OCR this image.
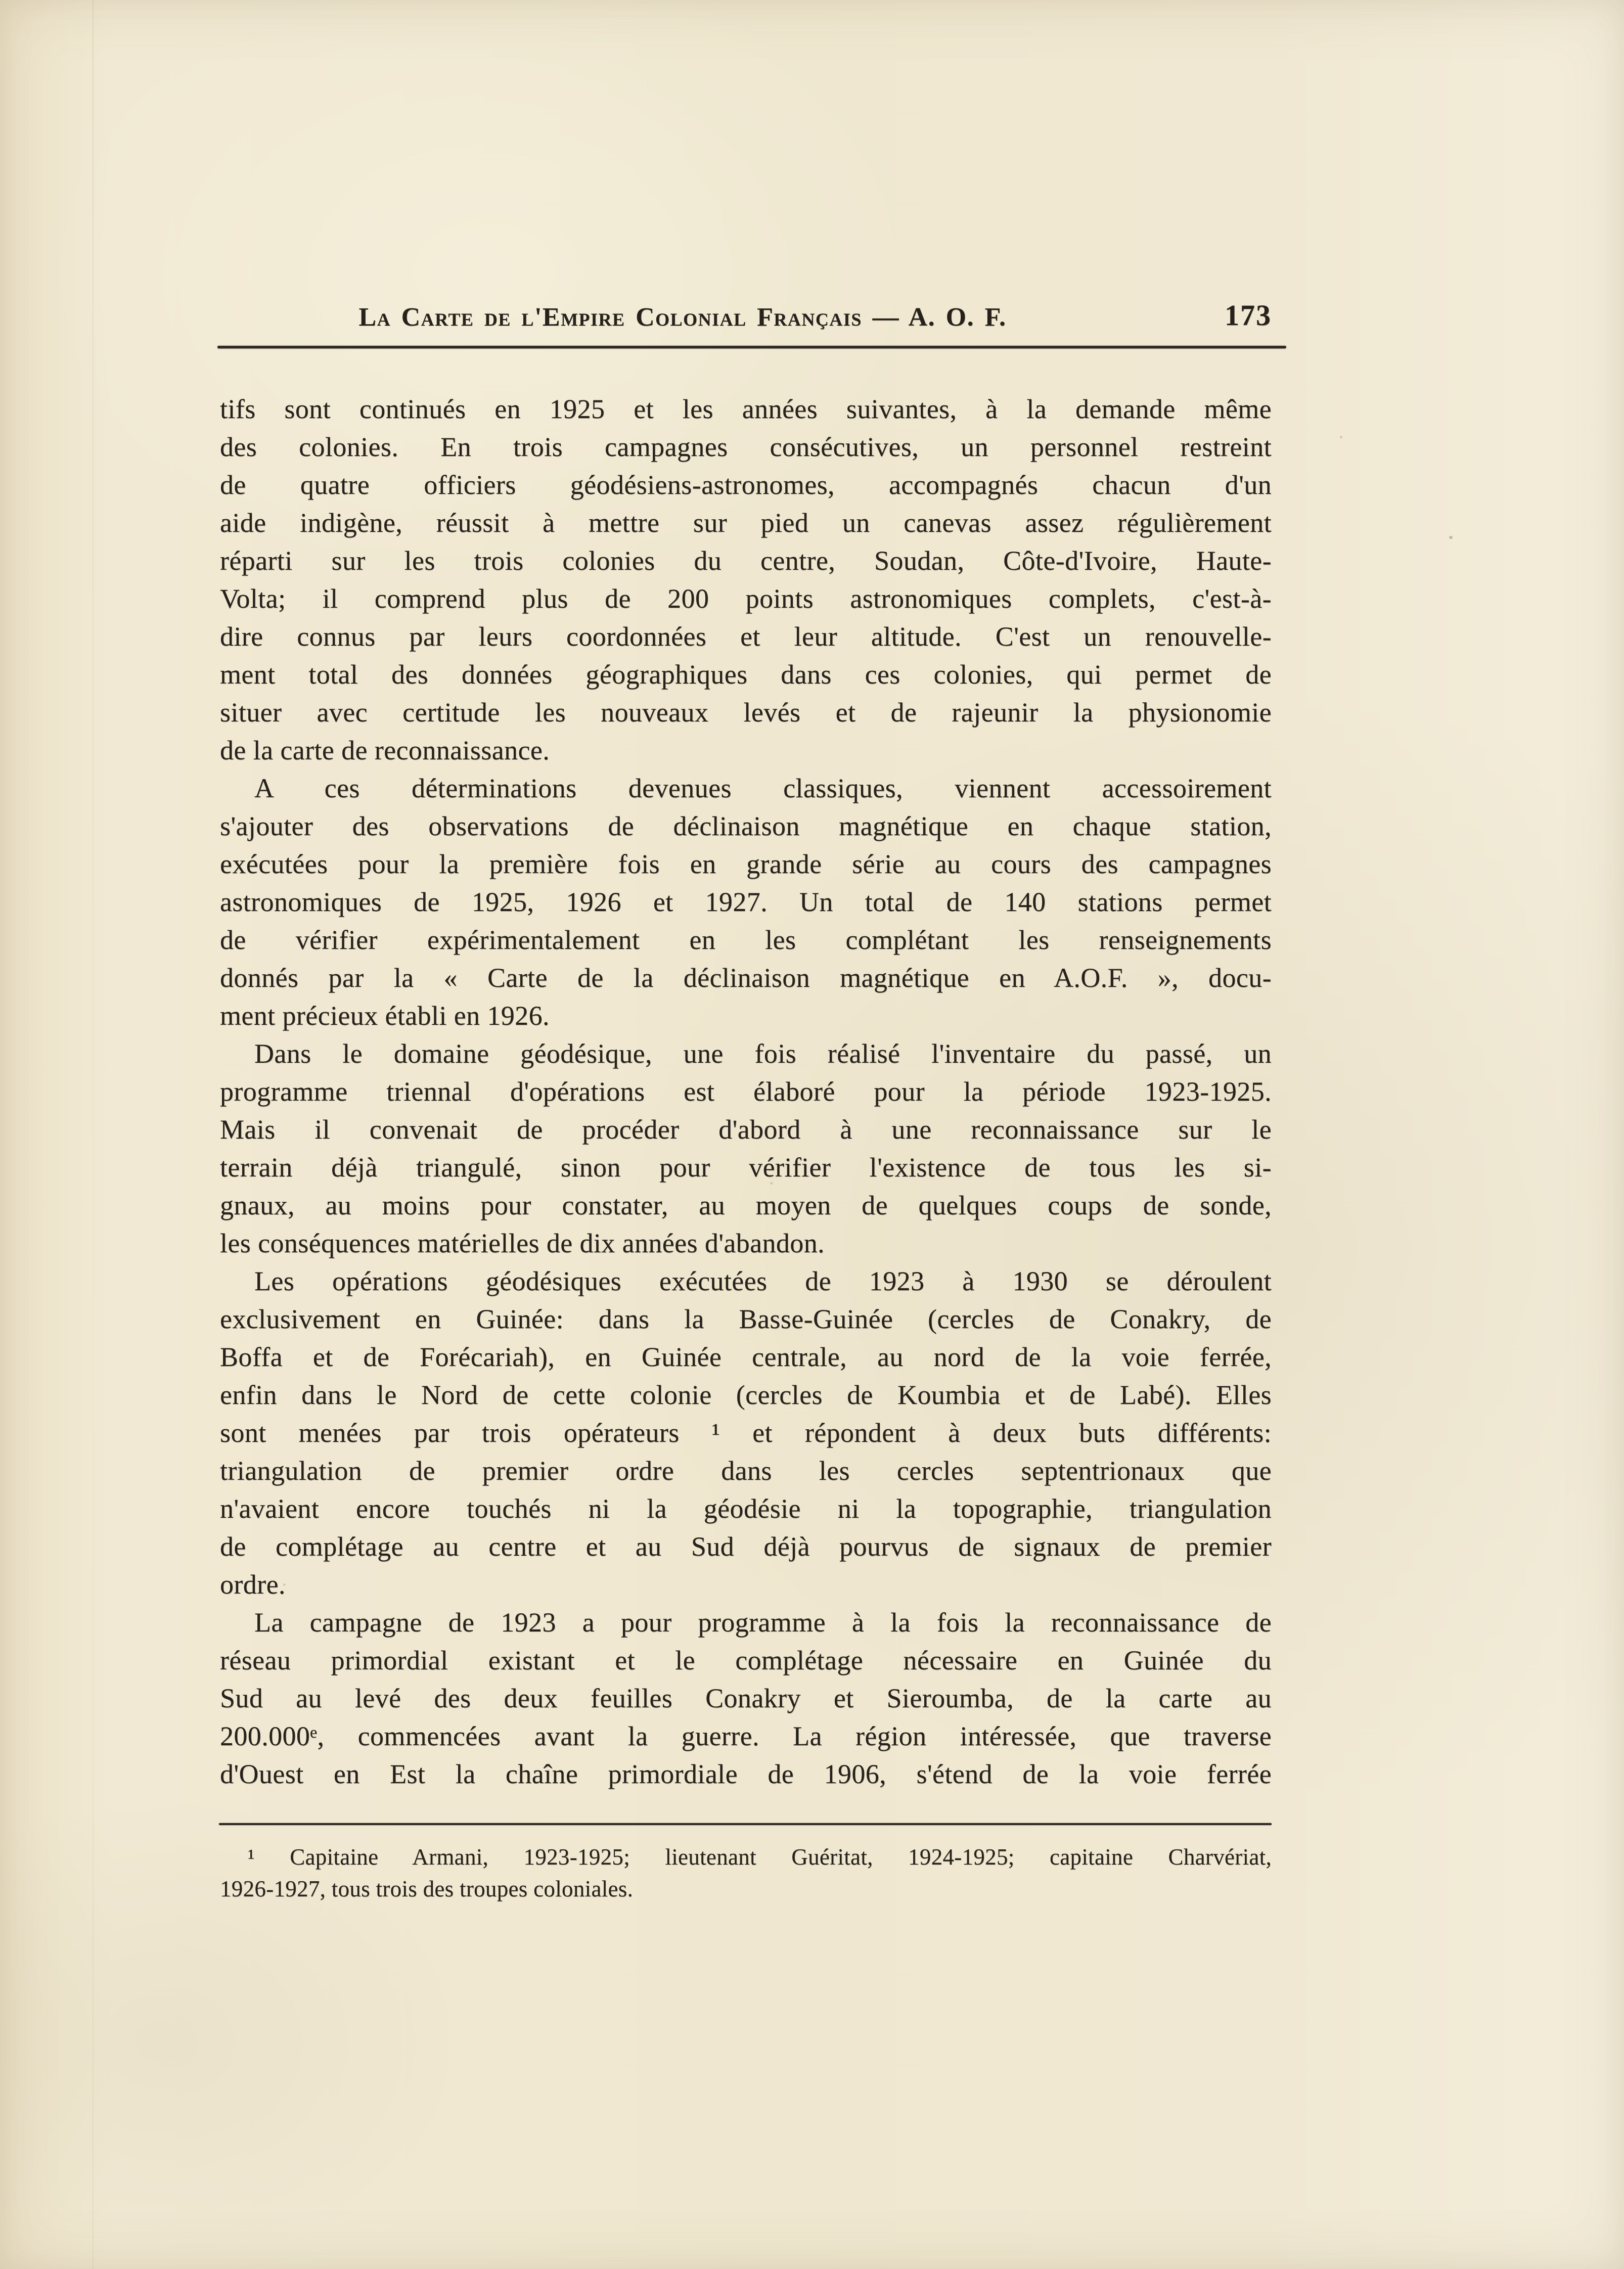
La Carte de l'Empire Colonial Français — A. O. F.	173
tifs sont continués en 1925 et les années suivantes, à la demande même
des colonies. En trois campagnes consécutives, un personnel restreint
de quatre officiers géodésiens-astronomes, accompagnés chacun d'un
aide indigène, réussit à mettre sur pied un canevas assez régulièrement
réparti sur les trois colonies du centre, Soudan, Côte-d'Ivoire, Haute-
Volta; il comprend plus de 200 points astronomiques complets, c'est-à-
dire connus par leurs coordonnées et leur altitude. C'est un renouvelle-
ment total des données géographiques dans ces colonies, qui permet de
situer avec certitude les nouveaux levés et de rajeunir la physionomie
de la carte de reconnaissance.
A ces déterminations devenues classiques, viennent accessoirement
s'ajouter des observations de déclinaison magnétique en chaque station,
exécutées pour la première fois en grande série au cours des campagnes
astronomiques de 1925, 1926 et 1927. Un total de 140 stations permet
de vérifier expérimentalement en les complétant les renseignements
donnés par la « Carte de la déclinaison magnétique en A.O.F. », docu-
ment précieux établi en 1926.
Dans le domaine géodésique, une fois réalisé l'inventaire du passé, un
programme triennal d'opérations est élaboré pour la période 1923-1925.
Mais il convenait de procéder d'abord à une reconnaissance sur le
terrain déjà triangulé, sinon pour vérifier l'existence de tous les si-
gnaux, au moins pour constater, au moyen de quelques coups de sonde,
les conséquences matérielles de dix années d'abandon.
Les opérations géodésiques exécutées de 1923 à 1930 se déroulent
exclusivement en Guinée: dans la Basse-Guinée (cercles de Conakry, de
Boffa et de Forécariah), en Guinée centrale, au nord de la voie ferrée,
enfin dans le Nord de cette colonie (cercles de Koumbia et de Labé). Elles
sont menées par trois opérateurs ¹ et répondent à deux buts différents:
triangulation de premier ordre dans les cercles septentrionaux que
n'avaient encore touchés ni la géodésie ni la topographie, triangulation
de complétage au centre et au Sud déjà pourvus de signaux de premier
ordre.
La campagne de 1923 a pour programme à la fois la reconnaissance de
réseau primordial existant et le complétage nécessaire en Guinée du
Sud au levé des deux feuilles Conakry et Sieroumba, de la carte au
200.000ᵉ, commencées avant la guerre. La région intéressée, que traverse
d'Ouest en Est la chaîne primordiale de 1906, s'étend de la voie ferrée
¹ Capitaine Armani, 1923-1925; lieutenant Guéritat, 1924-1925; capitaine Charvériat,
1926-1927, tous trois des troupes coloniales.
